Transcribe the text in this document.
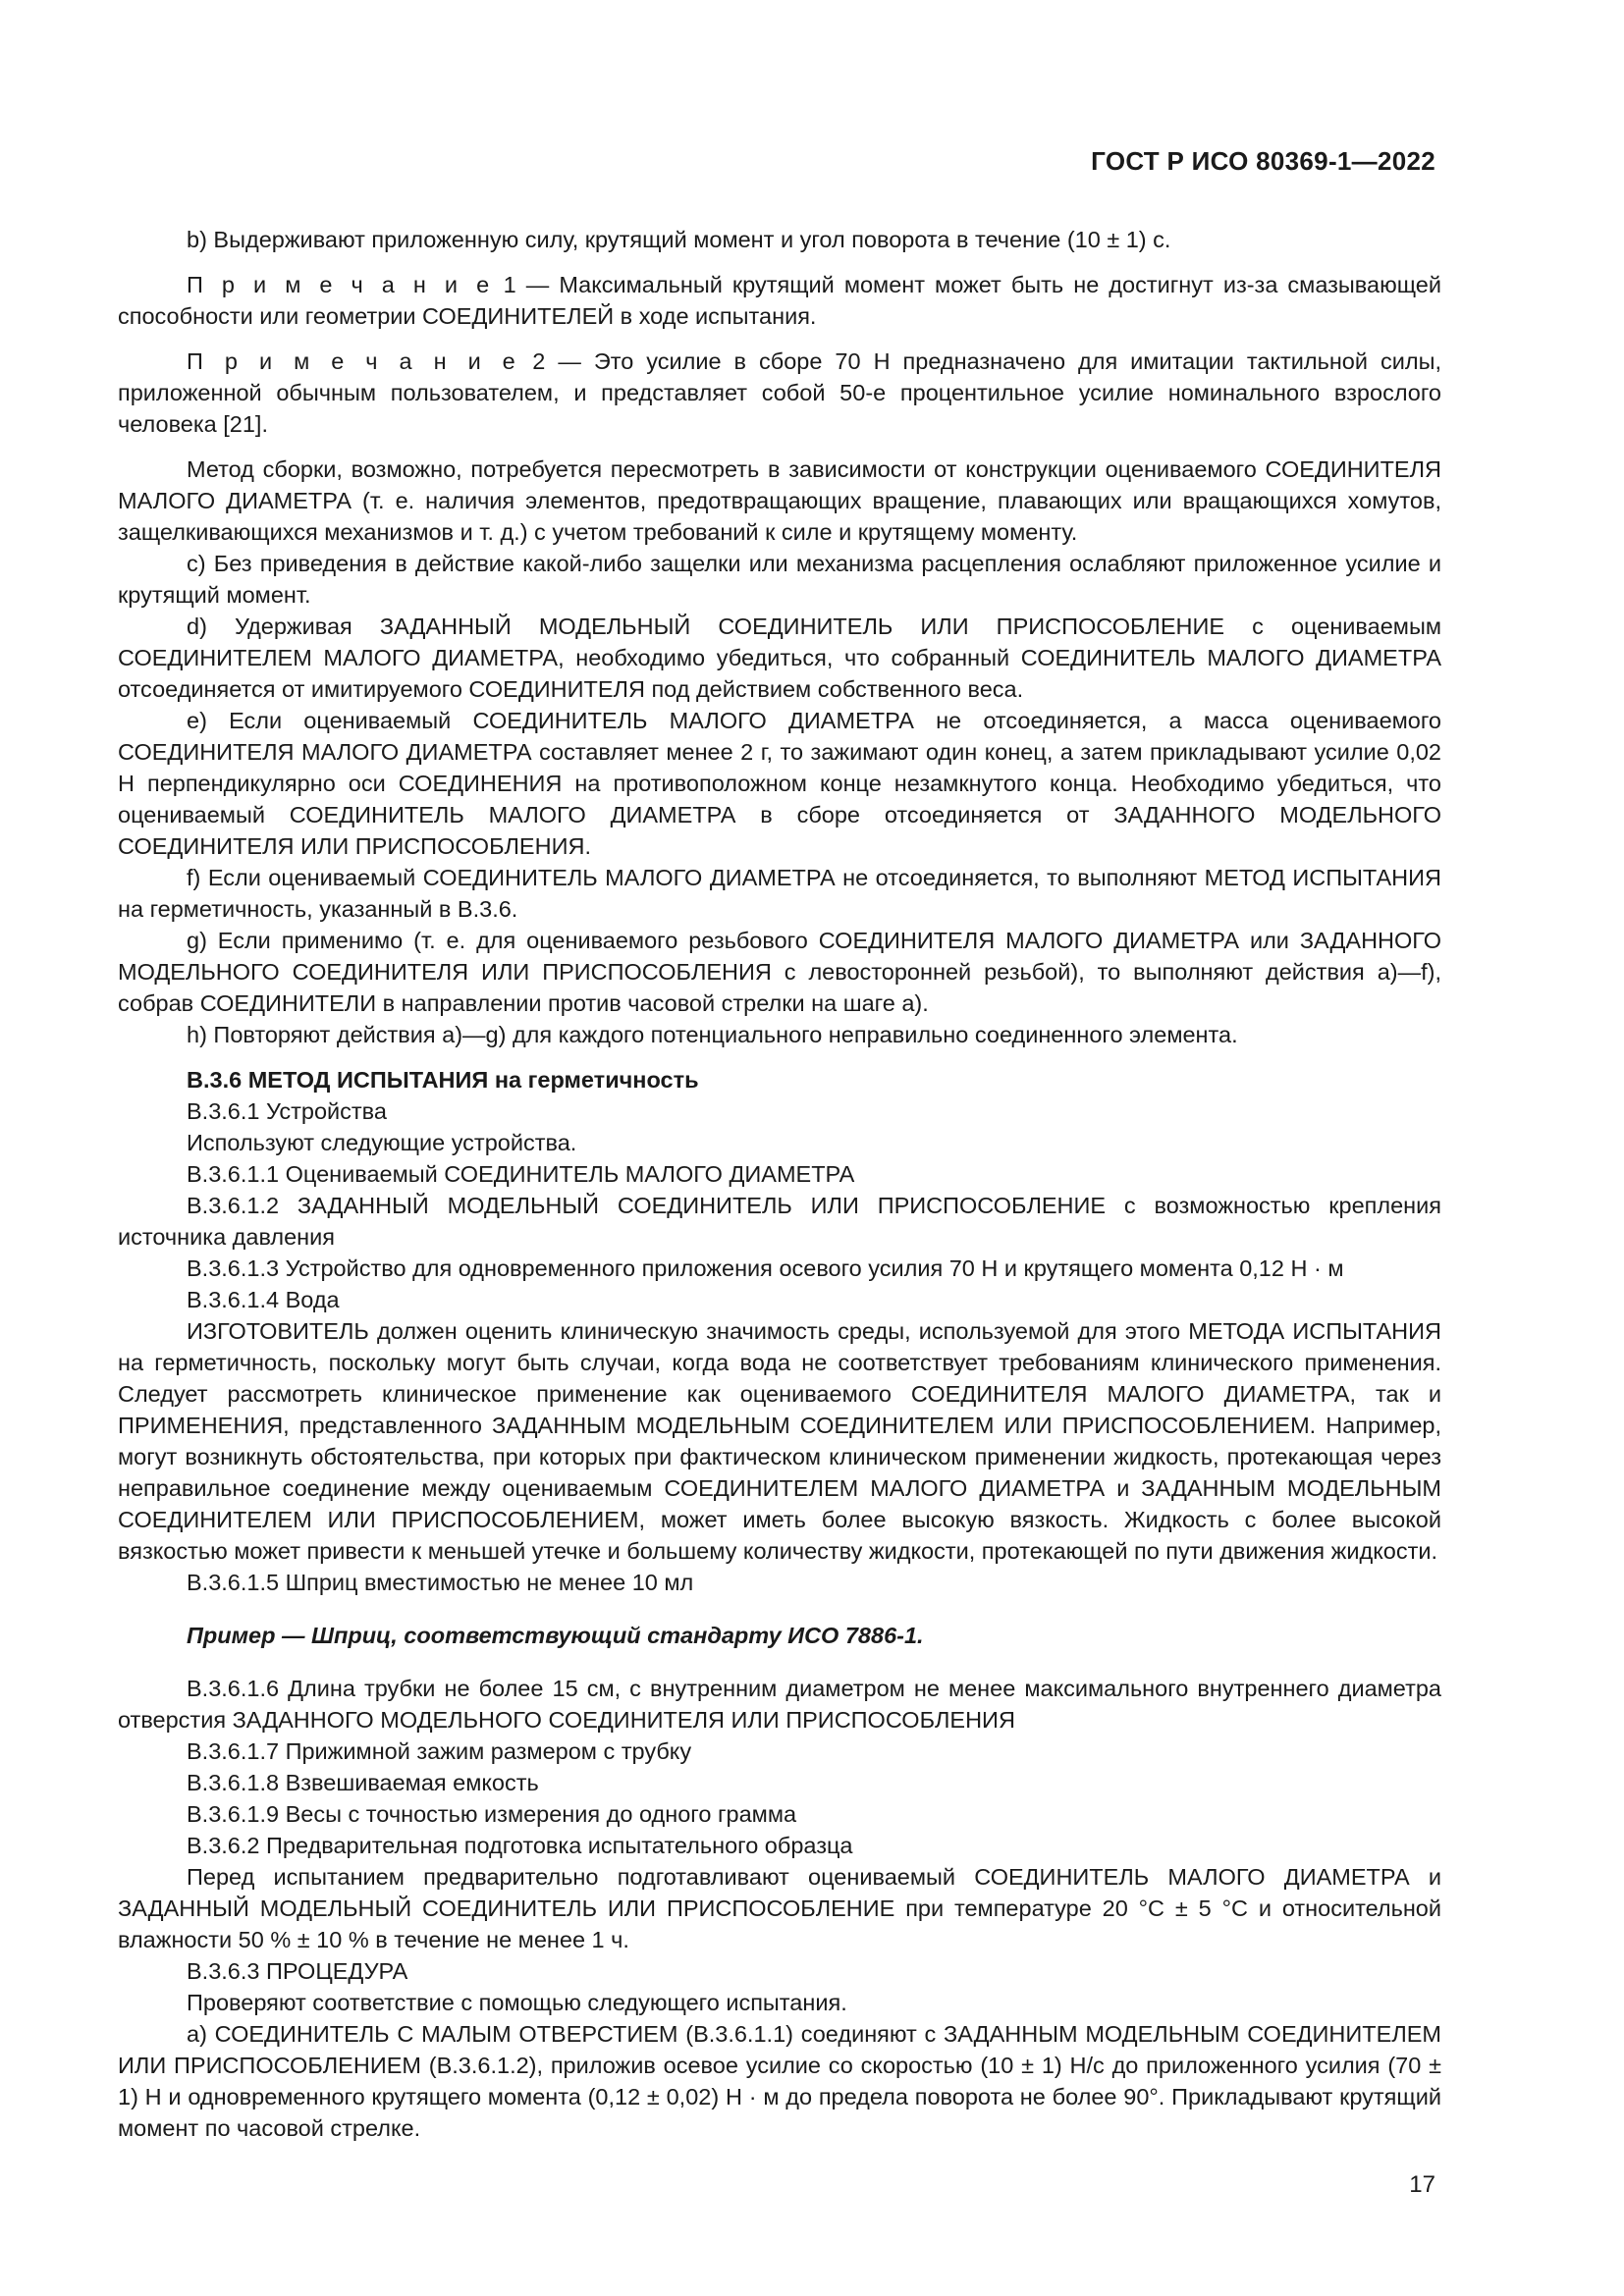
ГОСТ Р ИСО 80369-1—2022

b) Выдерживают приложенную силу, крутящий момент и угол поворота в течение (10 ± 1) с.

П р и м е ч а н и е 1 — Максимальный крутящий момент может быть не достигнут из-за смазывающей способности или геометрии СОЕДИНИТЕЛЕЙ в ходе испытания.

П р и м е ч а н и е 2 — Это усилие в сборе 70 Н предназначено для имитации тактильной силы, приложенной обычным пользователем, и представляет собой 50-е процентильное усилие номинального взрослого человека [21].

Метод сборки, возможно, потребуется пересмотреть в зависимости от конструкции оцениваемого СОЕДИНИТЕЛЯ МАЛОГО ДИАМЕТРА (т. е. наличия элементов, предотвращающих вращение, плавающих или вращающихся хомутов, защелкивающихся механизмов и т. д.) с учетом требований к силе и крутящему моменту.

c) Без приведения в действие какой-либо защелки или механизма расцепления ослабляют приложенное усилие и крутящий момент.

d) Удерживая ЗАДАННЫЙ МОДЕЛЬНЫЙ СОЕДИНИТЕЛЬ ИЛИ ПРИСПОСОБЛЕНИЕ с оцениваемым СОЕДИНИТЕЛЕМ МАЛОГО ДИАМЕТРА, необходимо убедиться, что собранный СОЕДИНИТЕЛЬ МАЛОГО ДИАМЕТРА отсоединяется от имитируемого СОЕДИНИТЕЛЯ под действием собственного веса.

e) Если оцениваемый СОЕДИНИТЕЛЬ МАЛОГО ДИАМЕТРА не отсоединяется, а масса оцениваемого СОЕДИНИТЕЛЯ МАЛОГО ДИАМЕТРА составляет менее 2 г, то зажимают один конец, а затем прикладывают усилие 0,02 Н перпендикулярно оси СОЕДИНЕНИЯ на противоположном конце незамкнутого конца. Необходимо убедиться, что оцениваемый СОЕДИНИТЕЛЬ МАЛОГО ДИАМЕТРА в сборе отсоединяется от ЗАДАННОГО МОДЕЛЬНОГО СОЕДИНИТЕЛЯ ИЛИ ПРИСПОСОБЛЕНИЯ.

f) Если оцениваемый СОЕДИНИТЕЛЬ МАЛОГО ДИАМЕТРА не отсоединяется, то выполняют МЕТОД ИСПЫТАНИЯ на герметичность, указанный в В.3.6.

g) Если применимо (т. е. для оцениваемого резьбового СОЕДИНИТЕЛЯ МАЛОГО ДИАМЕТРА или ЗАДАННОГО МОДЕЛЬНОГО СОЕДИНИТЕЛЯ ИЛИ ПРИСПОСОБЛЕНИЯ с левосторонней резьбой), то выполняют действия a)—f), собрав СОЕДИНИТЕЛИ в направлении против часовой стрелки на шаге а).

h) Повторяют действия a)—g) для каждого потенциального неправильно соединенного элемента.

В.3.6 МЕТОД ИСПЫТАНИЯ на герметичность

В.3.6.1 Устройства

Используют следующие устройства.

В.3.6.1.1 Оцениваемый СОЕДИНИТЕЛЬ МАЛОГО ДИАМЕТРА

В.3.6.1.2 ЗАДАННЫЙ МОДЕЛЬНЫЙ СОЕДИНИТЕЛЬ ИЛИ ПРИСПОСОБЛЕНИЕ с возможностью крепления источника давления

В.3.6.1.3 Устройство для одновременного приложения осевого усилия 70 Н и крутящего момента 0,12 Н · м

В.3.6.1.4 Вода

ИЗГОТОВИТЕЛЬ должен оценить клиническую значимость среды, используемой для этого МЕТОДА ИСПЫТАНИЯ на герметичность, поскольку могут быть случаи, когда вода не соответствует требованиям клинического применения. Следует рассмотреть клиническое применение как оцениваемого СОЕДИНИТЕЛЯ МАЛОГО ДИАМЕТРА, так и ПРИМЕНЕНИЯ, представленного ЗАДАННЫМ МОДЕЛЬНЫМ СОЕДИНИТЕЛЕМ ИЛИ ПРИСПОСОБЛЕНИЕМ. Например, могут возникнуть обстоятельства, при которых при фактическом клиническом применении жидкость, протекающая через неправильное соединение между оцениваемым СОЕДИНИТЕЛЕМ МАЛОГО ДИАМЕТРА и ЗАДАННЫМ МОДЕЛЬНЫМ СОЕДИНИТЕЛЕМ ИЛИ ПРИСПОСОБЛЕНИЕМ, может иметь более высокую вязкость. Жидкость с более высокой вязкостью может привести к меньшей утечке и большему количеству жидкости, протекающей по пути движения жидкости.

В.3.6.1.5 Шприц вместимостью не менее 10 мл

Пример — Шприц, соответствующий стандарту ИСО 7886-1.

В.3.6.1.6 Длина трубки не более 15 см, с внутренним диаметром не менее максимального внутреннего диаметра отверстия ЗАДАННОГО МОДЕЛЬНОГО СОЕДИНИТЕЛЯ ИЛИ ПРИСПОСОБЛЕНИЯ

В.3.6.1.7 Прижимной зажим размером с трубку

В.3.6.1.8 Взвешиваемая емкость

В.3.6.1.9 Весы с точностью измерения до одного грамма

В.3.6.2 Предварительная подготовка испытательного образца

Перед испытанием предварительно подготавливают оцениваемый СОЕДИНИТЕЛЬ МАЛОГО ДИАМЕТРА и ЗАДАННЫЙ МОДЕЛЬНЫЙ СОЕДИНИТЕЛЬ ИЛИ ПРИСПОСОБЛЕНИЕ при температуре 20 °С ± 5 °С и относительной влажности 50 % ± 10 % в течение не менее 1 ч.

В.3.6.3 ПРОЦЕДУРА

Проверяют соответствие с помощью следующего испытания.

a) СОЕДИНИТЕЛЬ С МАЛЫМ ОТВЕРСТИЕМ (В.3.6.1.1) соединяют с ЗАДАННЫМ МОДЕЛЬНЫМ СОЕДИНИТЕЛЕМ ИЛИ ПРИСПОСОБЛЕНИЕМ (В.3.6.1.2), приложив осевое усилие со скоростью (10 ± 1) Н/с до приложенного усилия (70 ± 1) Н и одновременного крутящего момента (0,12 ± 0,02) Н · м до предела поворота не более 90°. Прикладывают крутящий момент по часовой стрелке.

17
